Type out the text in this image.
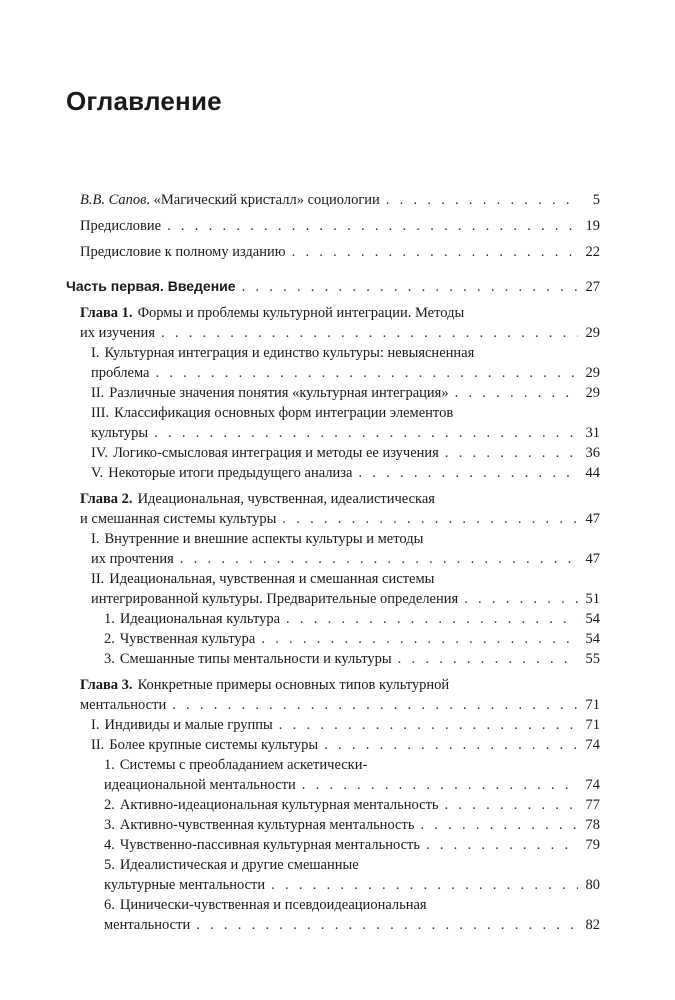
Оглавление
В.В. Сапов. «Магический кристалл» социологии . . .	5
Предисловие . . .	19
Предисловие к полному изданию . . .	22
Часть первая. Введение . . .	27
Глава 1. Формы и проблемы культурной интеграции. Методы
их изучения . . .	29
I. Культурная интеграция и единство культуры: невыясненная
проблема . . .	29
II. Различные значения понятия «культурная интеграция» . . .	29
III. Классификация основных форм интеграции элементов
культуры . . .	31
IV. Логико-смысловая интеграция и методы ее изучения . . .	36
V. Некоторые итоги предыдущего анализа . . .	44
Глава 2. Идеациональная, чувственная, идеалистическая
и смешанная системы культуры . . .	47
I. Внутренние и внешние аспекты культуры и методы
их прочтения . . .	47
II. Идеациональная, чувственная и смешанная системы
интегрированной культуры. Предварительные определения . . .	51
1. Идеациональная культура . . .	54
2. Чувственная культура . . .	54
3. Смешанные типы ментальности и культуры . . .	55
Глава 3. Конкретные примеры основных типов культурной
ментальности . . .	71
I. Индивиды и малые группы . . .	71
II. Более крупные системы культуры . . .	74
1. Системы с преобладанием аскетически-
идеациональной ментальности . . .	74
2. Активно-идеациональная культурная ментальность . . .	77
3. Активно-чувственная культурная ментальность . . .	78
4. Чувственно-пассивная культурная ментальность . . .	79
5. Идеалистическая и другие смешанные
культурные ментальности . . .	80
6. Цинически-чувственная и псевдоидеациональная
ментальности . . .	82
